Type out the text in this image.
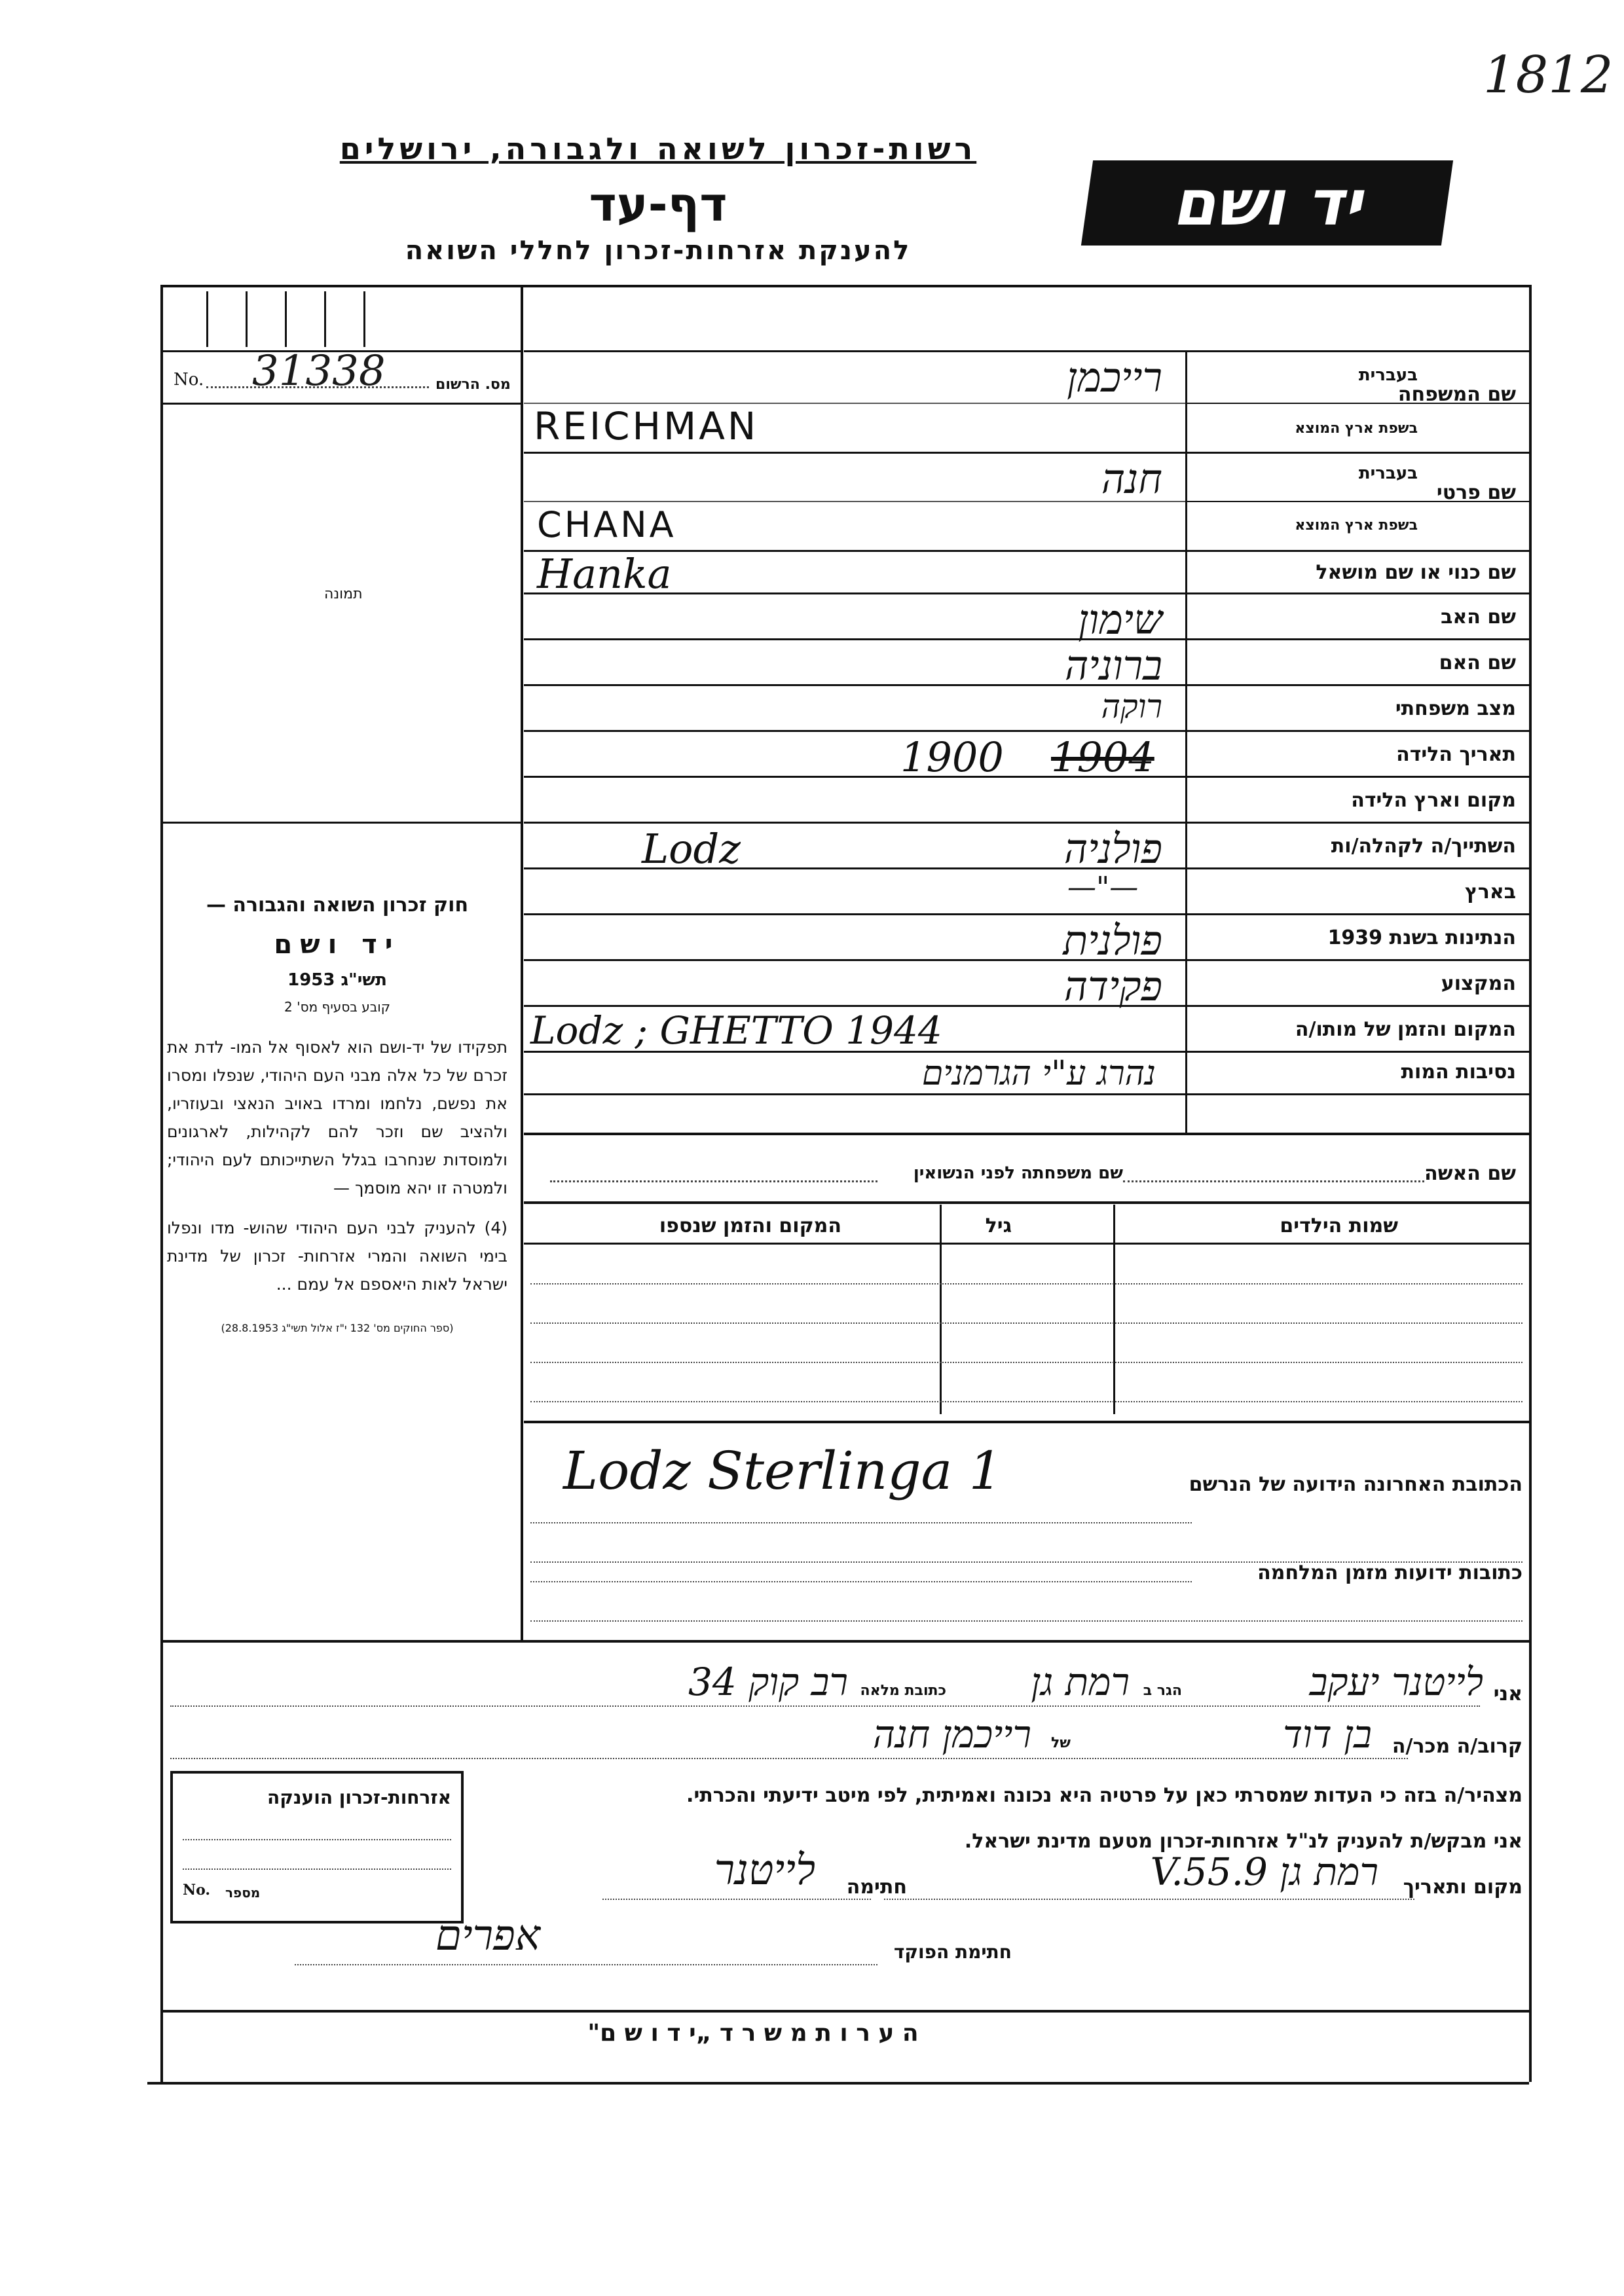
1812
רשות-זכרון לשואה ולגבורה, ירושלים
דף-עד
להענקת אזרחות-זכרון לחללי השואה
יד ושם
No. 31338	מס. הרשום
תמונה
חוק זכרון השואה והגבורה —
יד ושם
תשי"ג 1953
קובע בסעיף מס' 2
תפקידו של יד-ושם הוא לאסוף אל המו- לדת את זכרם של כל אלה מבני העם היהודי, שנפלו ומסרו את נפשם, נלחמו ומרדו באויב הנאצי ובעוזריו, ולהציב שם וזכר להם לקהילות, לארגונים ולמוסדות שנחרבו בגלל השתייכותם לעם היהודי; ולמטרה זו יהא מוסמך —
(4) להעניק לבני העם היהודי שהוש- מדו ונפלו בימי השואה והמרי אזרחות- זכרון של מדינת ישראל לאות היאספם אל עמם ...
(ספר החוקים מס' 132 י"ז אלול תשי"ג 28.8.1953)
שם המשפחה
בעברית
בשפת ארץ המוצא
שם פרטי
בעברית
בשפת ארץ המוצא
שם כנוי או שם מושאל
שם האב
שם האם
מצב משפחתי
תאריך הלידה
מקום וארץ הלידה
השתייך/ה לקהלה/ות
בארץ
הנתינות בשנת 1939
המקצוע
המקום והזמן של מותו/ה
נסיבות המות
רייכמן
REICHMAN
חנה
CHANA
Hanka
שימון
ברוניה
רוקה
1900 1904
Lodz	פולניה
—"—
פולנית
פקידה
Lodz ; GHETTO 1944
נהרג ע"י הגרמנים
שם האשה
שם משפחתה לפני הנשואין
שמות הילדים
גיל
המקום והזמן שנספו
הכתובת האחרונה הידועה של הנרשם
Lodz Sterlinga 1
כתובות ידועות מזמן המלחמה
אני
לייטנר יעקב
הגר ב
רמת גן
כתובת מלאה
רב קוק 34
קרוב/ה מכר/ה
בן דוד
של
רייכמן חנה
מצהיר/ה בזה כי העדות שמסרתי כאן על פרטיה היא נכונה ואמיתית, לפי מיטב ידיעתי והכרתי.
אני מבקש/ת להעניק לנ"ל אזרחות-זכרון מטעם מדינת ישראל.
מקום ותאריך
רמת גן 9.V.55
חתימה
לייטנר
חתימת הפוקד
אפרים
אזרחות-זכרון הוענקה
No. מספר
ה ע ר ו ת מ ש ר ד „י ד ו ש ם"
